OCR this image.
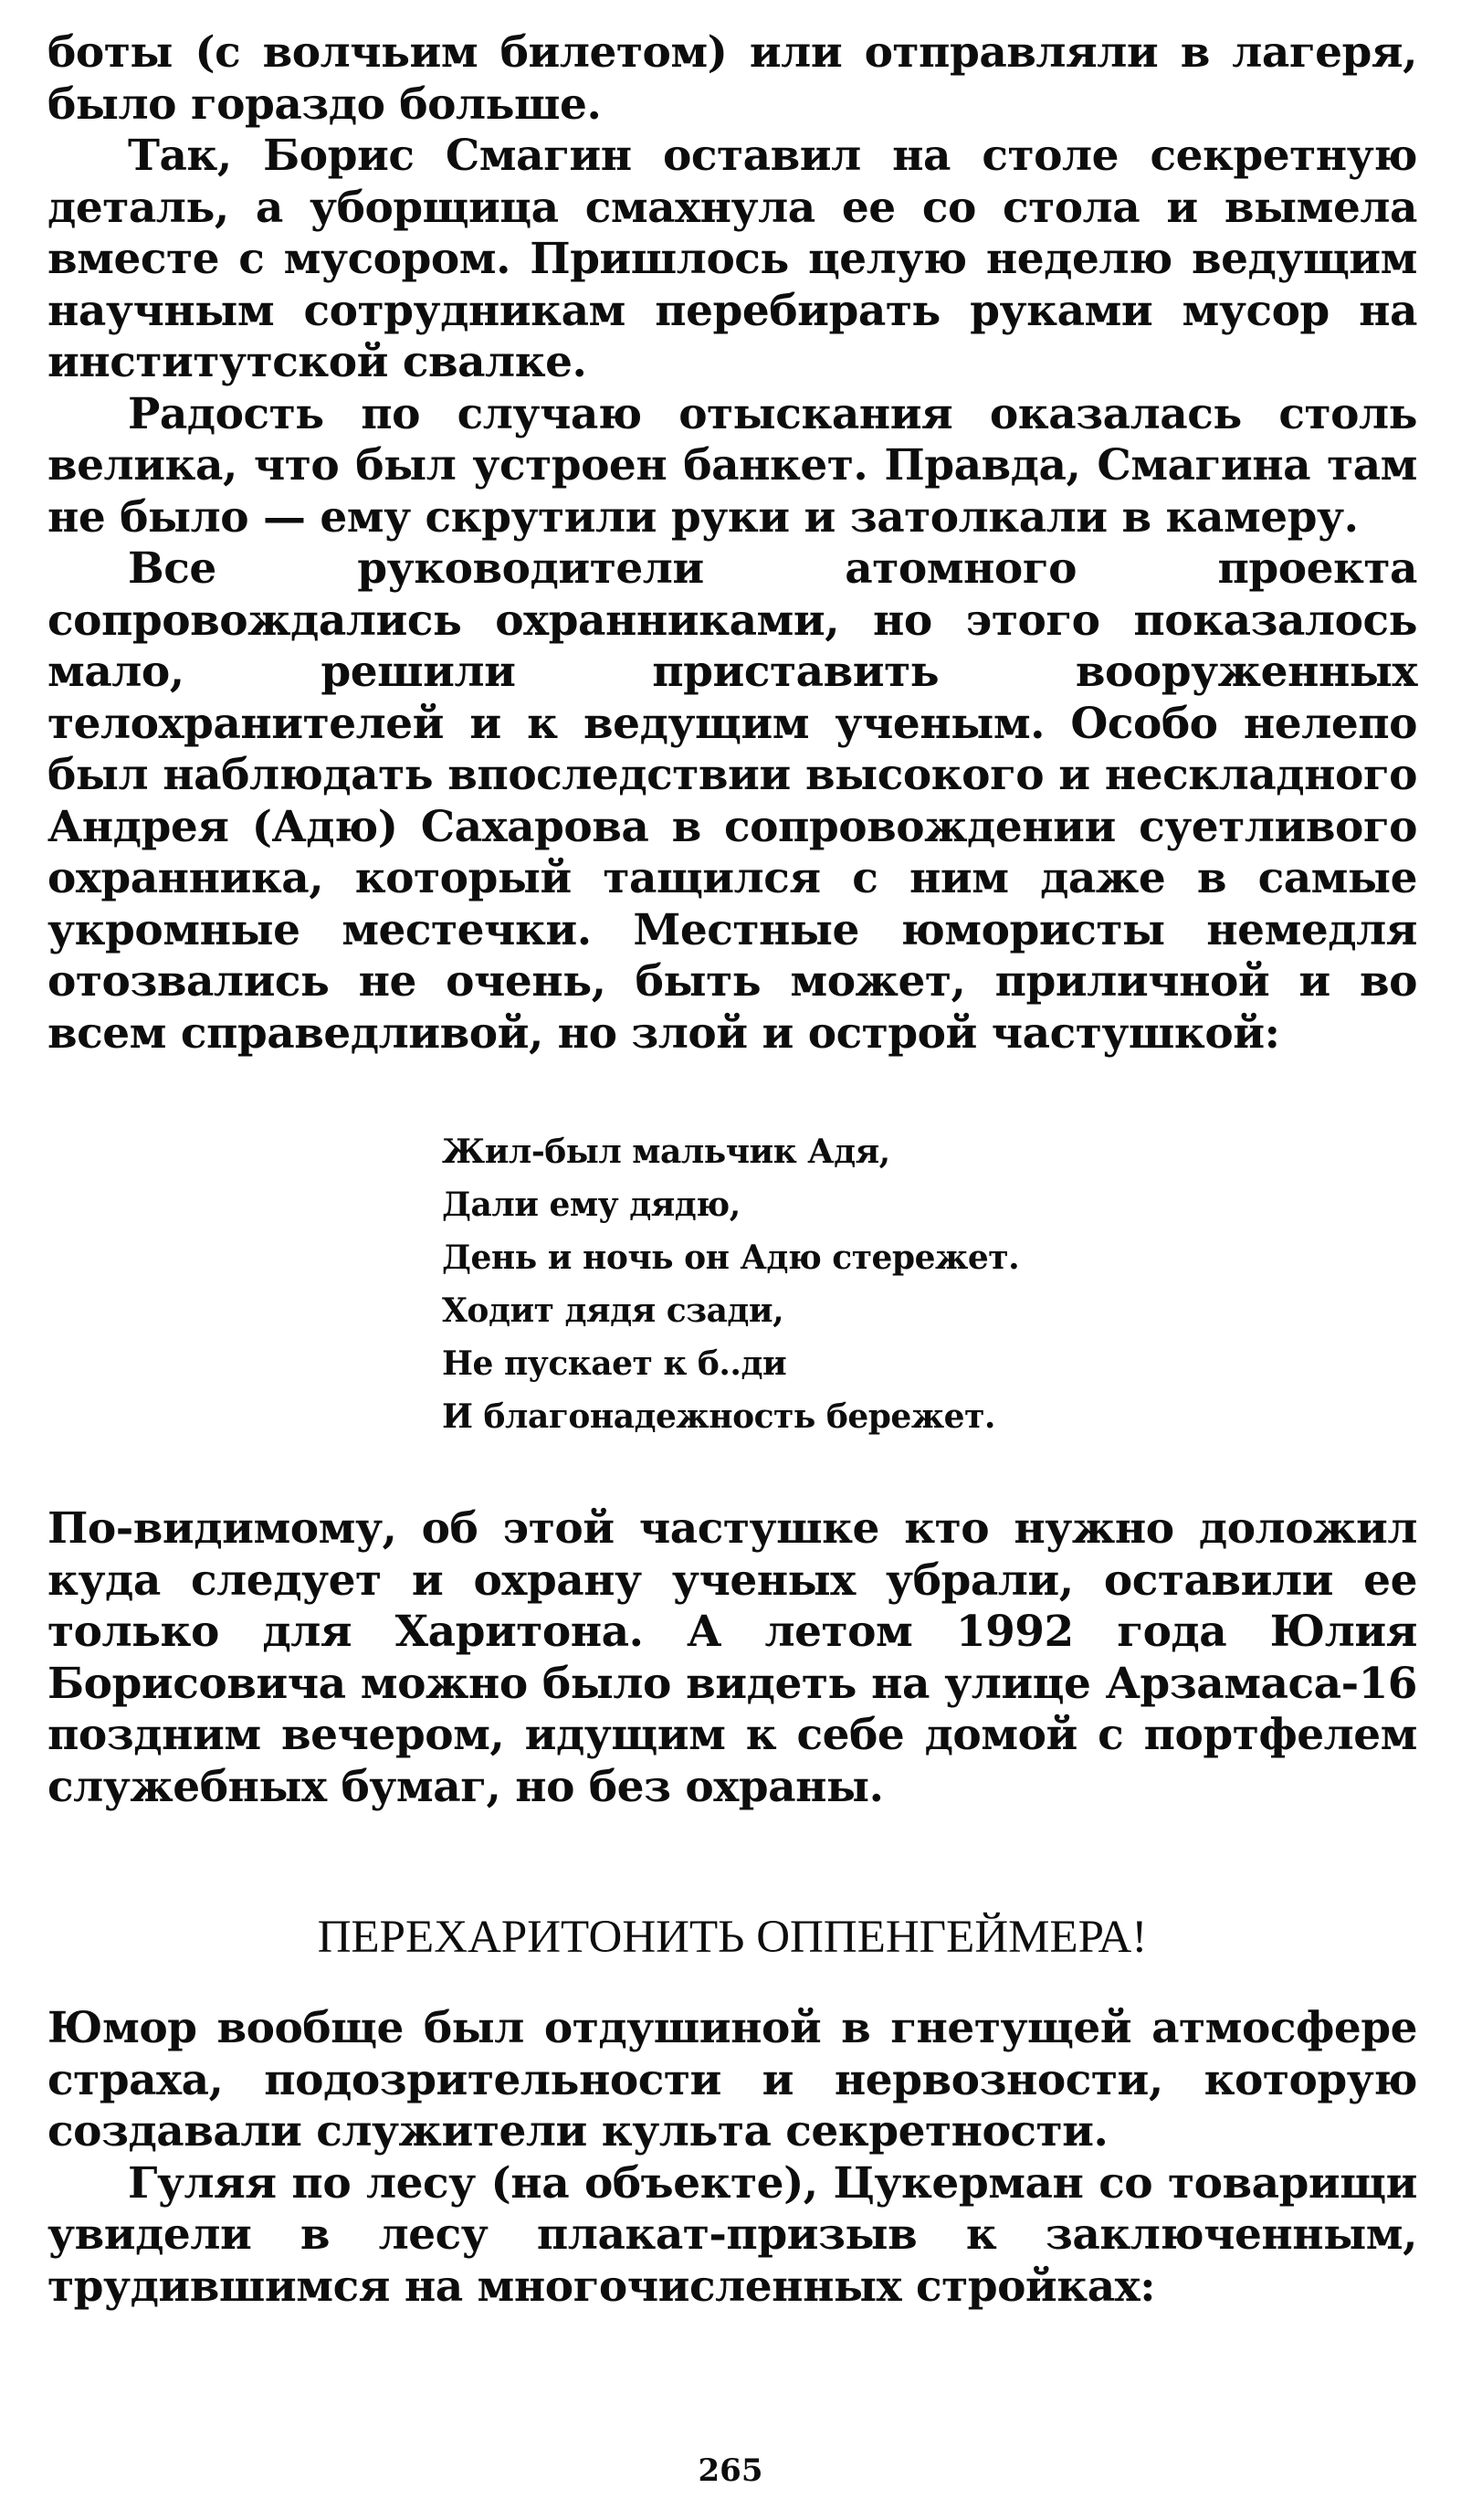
боты (с волчьим билетом) или отправляли в лагеря, было гораздо больше.

Так, Борис Смагин оставил на столе секретную деталь, а уборщица смахнула ее со стола и вымела вместе с мусором. Пришлось целую неделю ведущим научным сотрудникам перебирать руками мусор на институтской свалке.

Радость по случаю отыскания оказалась столь велика, что был устроен банкет. Правда, Смагина там не было — ему скрутили руки и затолкали в камеру.

Все руководители атомного проекта сопровождались охранниками, но этого показалось мало, решили приставить вооруженных телохранителей и к ведущим ученым. Особо нелепо был наблюдать впоследствии высокого и нескладного Андрея (Адю) Сахарова в сопровождении суетливого охранника, который тащился с ним даже в самые укромные местечки. Местные юмористы немедля отозвались не очень, быть может, приличной и во всем справедливой, но злой и острой частушкой:

Жил-был мальчик Адя,
Дали ему дядю,
День и ночь он Адю стережет.
Ходит дядя сзади,
Не пускает к б..ди
И благонадежность бережет.

По-видимому, об этой частушке кто нужно доложил куда следует и охрану ученых убрали, оставили ее только для Харитона. А летом 1992 года Юлия Борисовича можно было видеть на улице Арзамаса-16 поздним вечером, идущим к себе домой с портфелем служебных бумаг, но без охраны.

ПЕРЕХАРИТОНИТЬ ОППЕНГЕЙМЕРА!

Юмор вообще был отдушиной в гнетущей атмосфере страха, подозрительности и нервозности, которую создавали служители культа секретности.

Гуляя по лесу (на объекте), Цукерман со товарищи увидели в лесу плакат-призыв к заключенным, трудившимся на многочисленных стройках:

265
